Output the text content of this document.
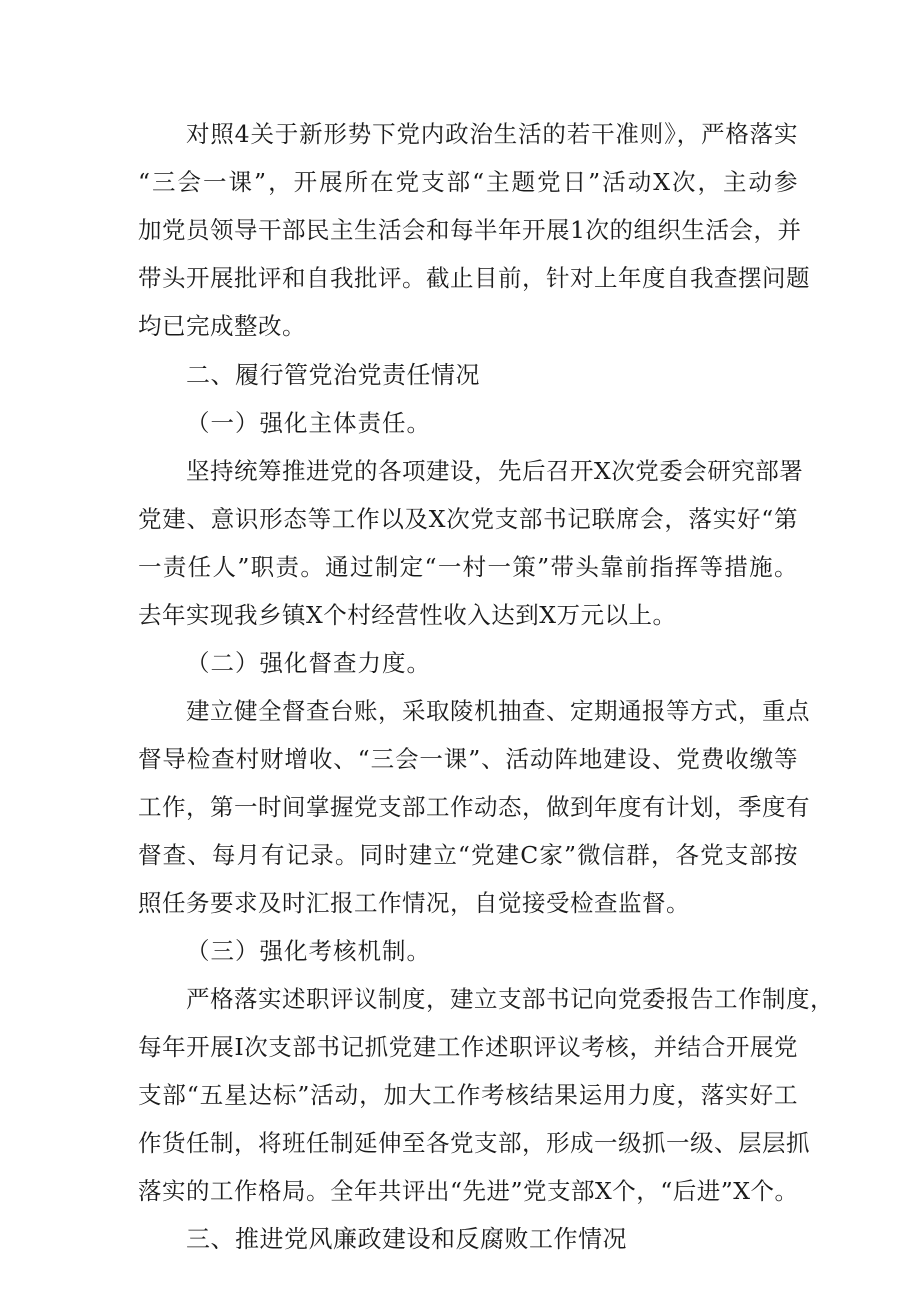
对照4关于新形势下党内政治生活的若干准则》，严格落实
“三会一课”，开展所在党支部“主题党日”活动X次，主动参
加党员领导干部民主生活会和每半年开展1次的组织生活会，并
带头开展批评和自我批评。截止目前，针对上年度自我查摆问题
均已完成整改。
二、履行管党治党责任情况
（一）强化主体责任。
坚持统筹推进党的各项建设，先后召开X次党委会研究部署
党建、意识形态等工作以及X次党支部书记联席会，落实好“第
一责任人”职责。通过制定“一村一策”带头靠前指挥等措施。
去年实现我乡镇X个村经营性收入达到X万元以上。
（二）强化督查力度。
建立健全督查台账，采取陵机抽查、定期通报等方式，重点
督导检查村财增收、“三会一课”、活动阵地建设、党费收缴等
工作，第一时间掌握党支部工作动态，做到年度有计划，季度有
督查、每月有记录。同时建立“党建C家”微信群，各党支部按
照任务要求及时汇报工作情况，自觉接受检查监督。
（三）强化考核机制。
严格落实述职评议制度，建立支部书记向党委报告工作制度，
每年开展I次支部书记抓党建工作述职评议考核，并结合开展党
支部“五星达标”活动，加大工作考核结果运用力度，落实好工
作货任制，将班任制延伸至各党支部，形成一级抓一级、层层抓
落实的工作格局。全年共评出“先进”党支部X个，“后进”X个。
三、推进党风廉政建设和反腐败工作情况
